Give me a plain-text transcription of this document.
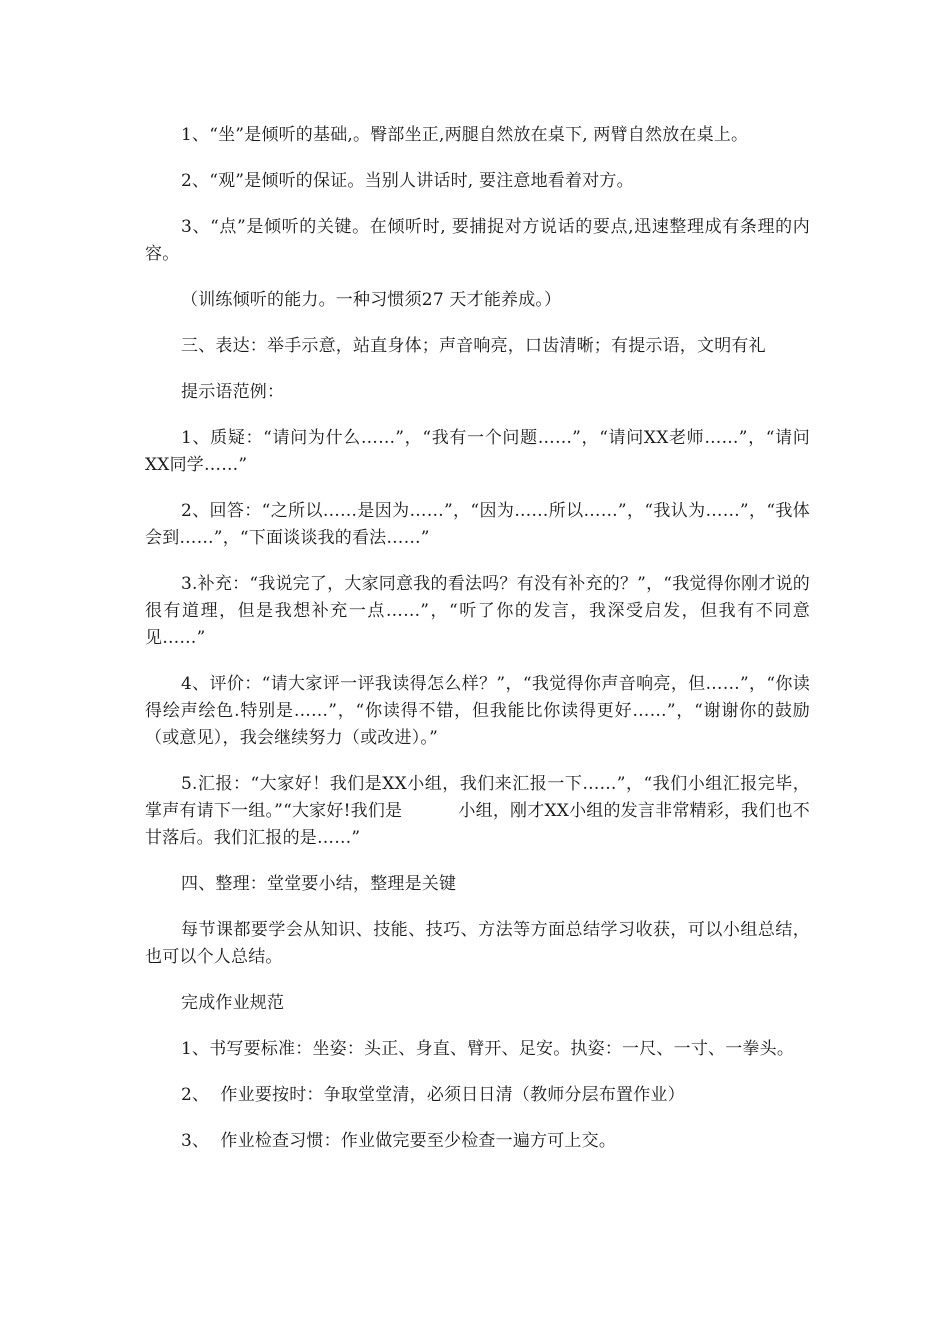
1、“坐”是倾听的基础,。臀部坐正,两腿自然放在桌下, 两臂自然放在桌上。

2、“观”是倾听的保证。当别人讲话时, 要注意地看着对方。

3、“点”是倾听的关键。在倾听时, 要捕捉对方说话的要点,迅速整理成有条理的内容。

（训练倾听的能力。一种习惯须27 天才能养成。）

三、表达：举手示意，站直身体；声音响亮，口齿清晰；有提示语，文明有礼

提示语范例：

1、质疑：“请问为什么……”，“我有一个问题……”，“请问XX老师……”，“请问XX同学……”

2、回答：“之所以……是因为……”，“因为……所以……”，“我认为……”，“我体会到……”，“下面谈谈我的看法……”

3.补充：“我说完了，大家同意我的看法吗？有没有补充的？”，“我觉得你刚才说的很有道理，但是我想补充一点……”，“听了你的发言，我深受启发，但我有不同意见……”

4、评价：“请大家评一评我读得怎么样？”，“我觉得你声音响亮，但……”，“你读得绘声绘色.特别是……”，“你读得不错，但我能比你读得更好……”，“谢谢你的鼓励（或意见），我会继续努力（或改进）。”

5.汇报：“大家好！我们是XX小组，我们来汇报一下……”，“我们小组汇报完毕，掌声有请下一组。”“大家好!我们是          小组，刚才XX小组的发言非常精彩，我们也不甘落后。我们汇报的是……”

四、整理：堂堂要小结，整理是关键

每节课都要学会从知识、技能、技巧、方法等方面总结学习收获，可以小组总结，也可以个人总结。

完成作业规范

1、书写要标准：坐姿：头正、身直、臂开、足安。执姿：一尺、一寸、一拳头。

2、  作业要按时：争取堂堂清，必须日日清（教师分层布置作业）

3、  作业检查习惯：作业做完要至少检查一遍方可上交。
